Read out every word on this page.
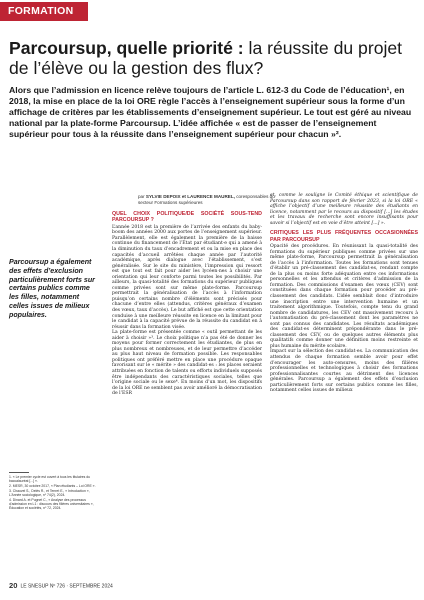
FORMATION
Parcoursup, quelle priorité : la réussite du projet de l’élève ou la gestion des flux?

Alors que l’admission en licence relève toujours de l’article L. 612-3 du Code de l’éducation¹, en 2018, la mise en place de la loi ORE règle l’accès à l’enseignement supérieur sous la forme d’un affichage de critères par les établissements d’enseignement supérieur. Le tout est géré au niveau national par la plate-forme Parcoursup. L’idée affichée « est de passer de l’enseignement supérieur pour tous à la réussite dans l’enseignement supérieur pour chacun »².

par SYLVIE DEPOIX et LAURENCE MAUREL, coresponsables du secteur Formations supérieures

Parcoursup a également des effets d’exclusion particulièrement forts sur certains publics comme les filles, notamment celles issues de milieux populaires.

QUEL CHOIX POLITIQUE/DE SOCIÉTÉ SOUS-TEND PARCOURSUP ?

L’année 2018 est la première de l’arrivée des enfants du baby-boom des années 2000 aux portes de l’enseignement supérieur. Parallèlement, elle est également la première de la baisse continue du financement de l’État par étudiant·e qui a amené à la diminution du taux d’encadrement et ou la mise en place des capacités d’accueil arrêtées chaque année par l’autorité académique, après dialogue avec l’établissement, s’est généralisée. Sur le site du ministère, l’impression qui ressort est que tout est fait pour aider les lycéen·nes à choisir une orientation qui leur conforte parmi toutes les possibilités. Par ailleurs, la quasi-totalité des formations du supérieur publiques comme privées sont sur même plate-forme. Parcoursup permettrait la généralisation de l’accès à l’information puisqu’on certains nombre d’éléments sont précisés pour chacune d’entre elles (attendus, critères généraux d’examen des vœux, taux d’accès). Le but affiché est que cette orientation conduise à une meilleure réussite en licence en la limitant pour le candidat à la capacité prévue de la réussite du candidat en à réussir dans la formation visée.

La plate-forme est présentée comme « outil permettant de les aider à choisir »³. Le choix politique n’a pas été de donner les moyens pour former correctement les étudiantes, de plus en plus nombreux et nombreuses, et de leur permettre d’accéder au plus haut niveau de formation possible. Les responsables politiques ont préféré mettre en place une procédure opaque favorisant sur le « mérite » des candidat·es : les places seraient attribuées en fonction de talents ou efforts individuels supposés être indépendants des caractéristiques sociales, telles que l’origine sociale ou le sexe⁴. En moins d’un mot, les dispositifs de la loi ORE ne semblent pas avoir amélioré la démocratisation de l’ESR

et, comme le souligne le Comité éthique et scientifique de Parcoursup dans son rapport de février 2023, si la loi ORE « affiche l’objectif d’une meilleure réussite des étudiants en licence, notamment par le recours au dispositif [...] les études et les travaux de recherche sont encore insuffisants pour savoir si l’objectif est en voie d’être atteint [...] ».

CRITIQUES LES PLUS FRÉQUENTES OCCASIONNÉES PAR PARCOURSUP

Opacité des procédures. En réunissant la quasi-totalité des formations du supérieur publiques comme privées sur une même plate-forme, Parcoursup permettrait la généralisation de l’accès à l’information. Toutes les formations sont tenues d’établir un pré-classement des candidat·es, rendant compte de la plus ou moins forte adéquation entre ces informations personnelles et les attendus et critères d’admission de la formation. Des commissions d’examen des vœux (CEV) sont constituées dans chaque formation pour procéder au pré-classement des candidats. L’idée semblait donc d’introduire une inscription entre une intervention humaine et un traitement algorithmique. Toutefois, compte tenu du grand nombre de candidatures, les CEV ont massivement recours à l’automatisation du pré-classement dont les paramètres ne sont pas connus des candidates. Les résultats académiques des candidat·es déterminent prépondérante dans le pré-classement des CEV, ou de quelques autres éléments plus qualitatifs comme donner une définition moins restreinte et plus humaine du mérite scolaire.

Impact sur la sélection des candidat·es. La communication des attendus de chaque formation semble avoir pour effet d’encourager les auto-censures, moins des filières professionnelles et technologiques à choisir des formations professionnalisantes courtes au détriment des licences générales. Parcoursup a également des effets d’exclusion particulièrement forts sur certains publics comme les filles, notamment celles issues de milieux

1. « Le premier cycle est ouvert à tous les titulaires du baccalauréat [...] ».

2. MESR, 30 octobre 2017, « Plan étudiants – Loi ORE ».

3. Chauvel S., Delès R., et Tenret E., « Introduction », L’Année sociologique, nº 74(2), 2024.

4. Dinard A. et Pugnet C., « Analyse des processus d’admission en L1 : discours des filières universitaires », Éducation et sociétés, nº 72, 2024.

20 LE SNESUP Nº 726 · SEPTEMBRE 2024
